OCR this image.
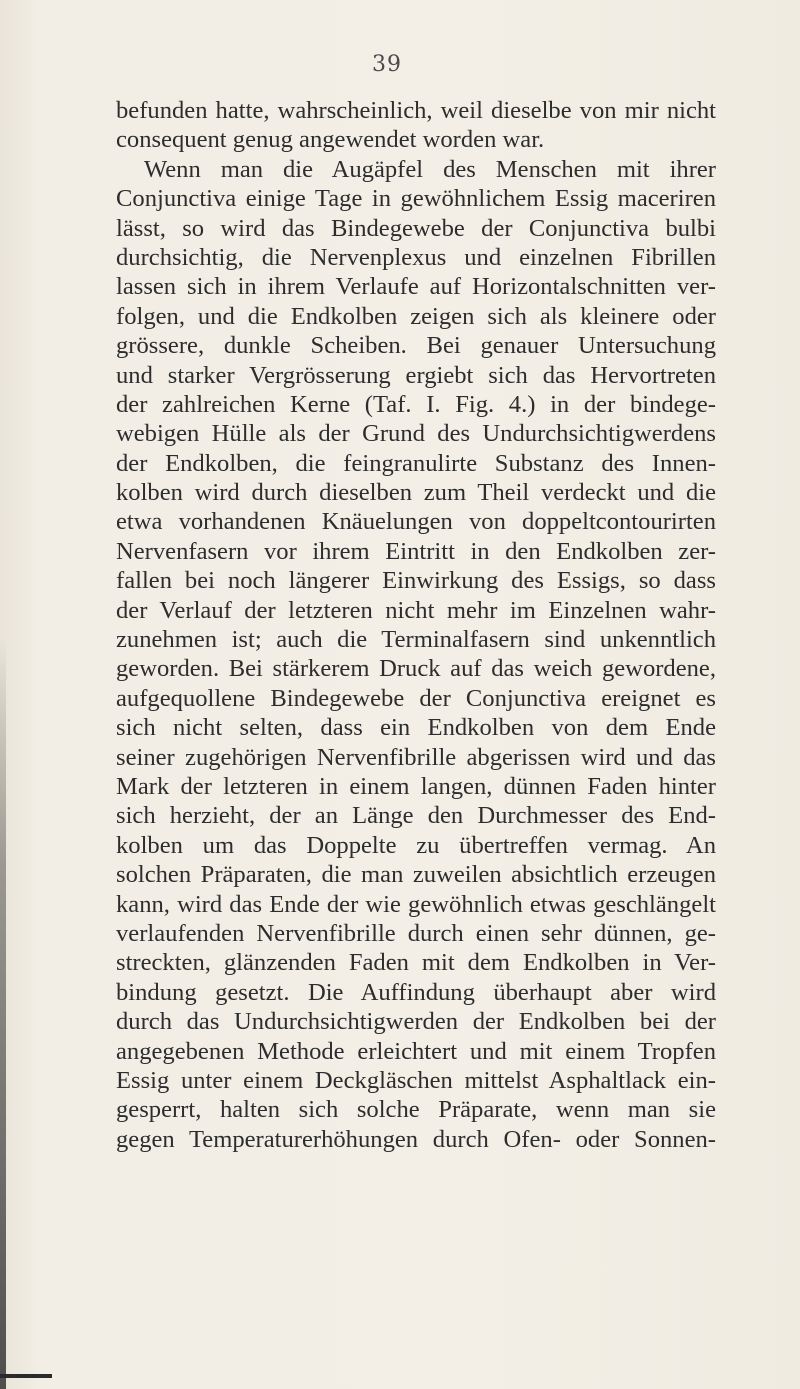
39
befunden hatte, wahrscheinlich, weil dieselbe von mir nicht
consequent genug angewendet worden war.
Wenn man die Augäpfel des Menschen mit ihrer
Conjunctiva einige Tage in gewöhnlichem Essig maceriren
lässt, so wird das Bindegewebe der Conjunctiva bulbi
durchsichtig, die Nervenplexus und einzelnen Fibrillen
lassen sich in ihrem Verlaufe auf Horizontalschnitten ver-
folgen, und die Endkolben zeigen sich als kleinere oder
grössere, dunkle Scheiben. Bei genauer Untersuchung
und starker Vergrösserung ergiebt sich das Hervortreten
der zahlreichen Kerne (Taf. I. Fig. 4.) in der bindege-
webigen Hülle als der Grund des Undurchsichtigwerdens
der Endkolben, die feingranulirte Substanz des Innen-
kolben wird durch dieselben zum Theil verdeckt und die
etwa vorhandenen Knäuelungen von doppeltcontourirten
Nervenfasern vor ihrem Eintritt in den Endkolben zer-
fallen bei noch längerer Einwirkung des Essigs, so dass
der Verlauf der letzteren nicht mehr im Einzelnen wahr-
zunehmen ist; auch die Terminalfasern sind unkenntlich
geworden. Bei stärkerem Druck auf das weich gewordene,
aufgequollene Bindegewebe der Conjunctiva ereignet es
sich nicht selten, dass ein Endkolben von dem Ende
seiner zugehörigen Nervenfibrille abgerissen wird und das
Mark der letzteren in einem langen, dünnen Faden hinter
sich herzieht, der an Länge den Durchmesser des End-
kolben um das Doppelte zu übertreffen vermag. An
solchen Präparaten, die man zuweilen absichtlich erzeugen
kann, wird das Ende der wie gewöhnlich etwas geschlängelt
verlaufenden Nervenfibrille durch einen sehr dünnen, ge-
streckten, glänzenden Faden mit dem Endkolben in Ver-
bindung gesetzt. Die Auffindung überhaupt aber wird
durch das Undurchsichtigwerden der Endkolben bei der
angegebenen Methode erleichtert und mit einem Tropfen
Essig unter einem Deckgläschen mittelst Asphaltlack ein-
gesperrt, halten sich solche Präparate, wenn man sie
gegen Temperaturerhöhungen durch Ofen- oder Sonnen-
